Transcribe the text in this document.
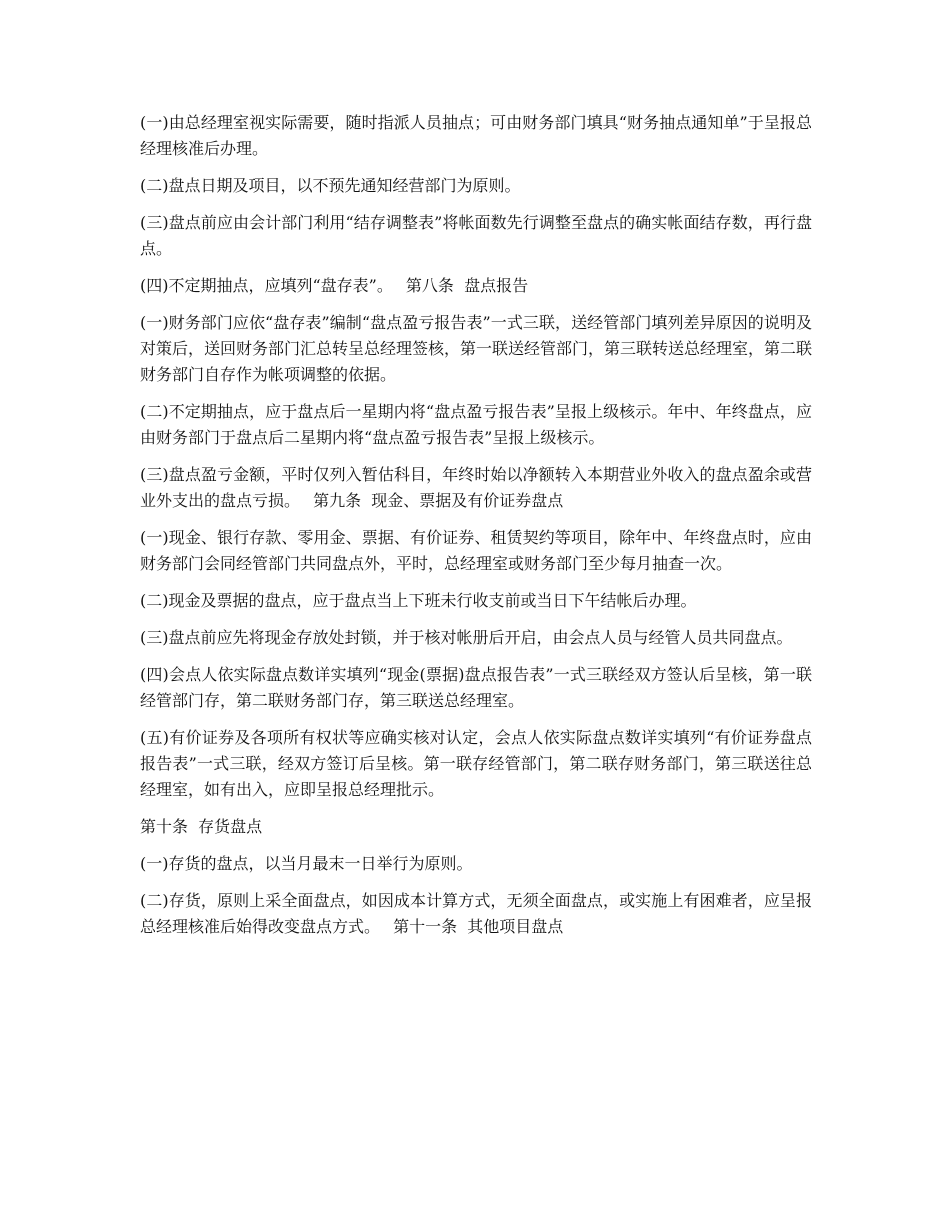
(一)由总经理室视实际需要，随时指派人员抽点；可由财务部门填具“财务抽点通知单”于呈报总经理核准后办理。

(二)盘点日期及项目，以不预先通知经营部门为原则。

(三)盘点前应由会计部门利用“结存调整表”将帐面数先行调整至盘点的确实帐面结存数，再行盘点。

(四)不定期抽点，应填列“盘存表”。　 第八条  盘点报告

(一)财务部门应依“盘存表”编制“盘点盈亏报告表”一式三联，送经管部门填列差异原因的说明及对策后，送回财务部门汇总转呈总经理签核，第一联送经管部门，第三联转送总经理室，第二联财务部门自存作为帐项调整的依据。

(二)不定期抽点，应于盘点后一星期内将“盘点盈亏报告表”呈报上级核示。年中、年终盘点，应由财务部门于盘点后二星期内将“盘点盈亏报告表”呈报上级核示。

(三)盘点盈亏金额，平时仅列入暂估科目，年终时始以净额转入本期营业外收入的盘点盈余或营业外支出的盘点亏损。　 第九条  现金、票据及有价证券盘点

(一)现金、银行存款、零用金、票据、有价证券、租赁契约等项目，除年中、年终盘点时，应由财务部门会同经管部门共同盘点外，平时，总经理室或财务部门至少每月抽查一次。

(二)现金及票据的盘点，应于盘点当上下班未行收支前或当日下午结帐后办理。

(三)盘点前应先将现金存放处封锁，并于核对帐册后开启，由会点人员与经管人员共同盘点。

(四)会点人依实际盘点数详实填列“现金(票据)盘点报告表”一式三联经双方签认后呈核，第一联经管部门存，第二联财务部门存，第三联送总经理室。

(五)有价证券及各项所有权状等应确实核对认定，会点人依实际盘点数详实填列“有价证券盘点报告表”一式三联，经双方签订后呈核。第一联存经管部门，第二联存财务部门，第三联送往总经理室，如有出入，应即呈报总经理批示。

第十条  存货盘点

(一)存货的盘点，以当月最末一日举行为原则。

(二)存货，原则上采全面盘点，如因成本计算方式，无须全面盘点，或实施上有困难者，应呈报总经理核准后始得改变盘点方式。　 第十一条  其他项目盘点
